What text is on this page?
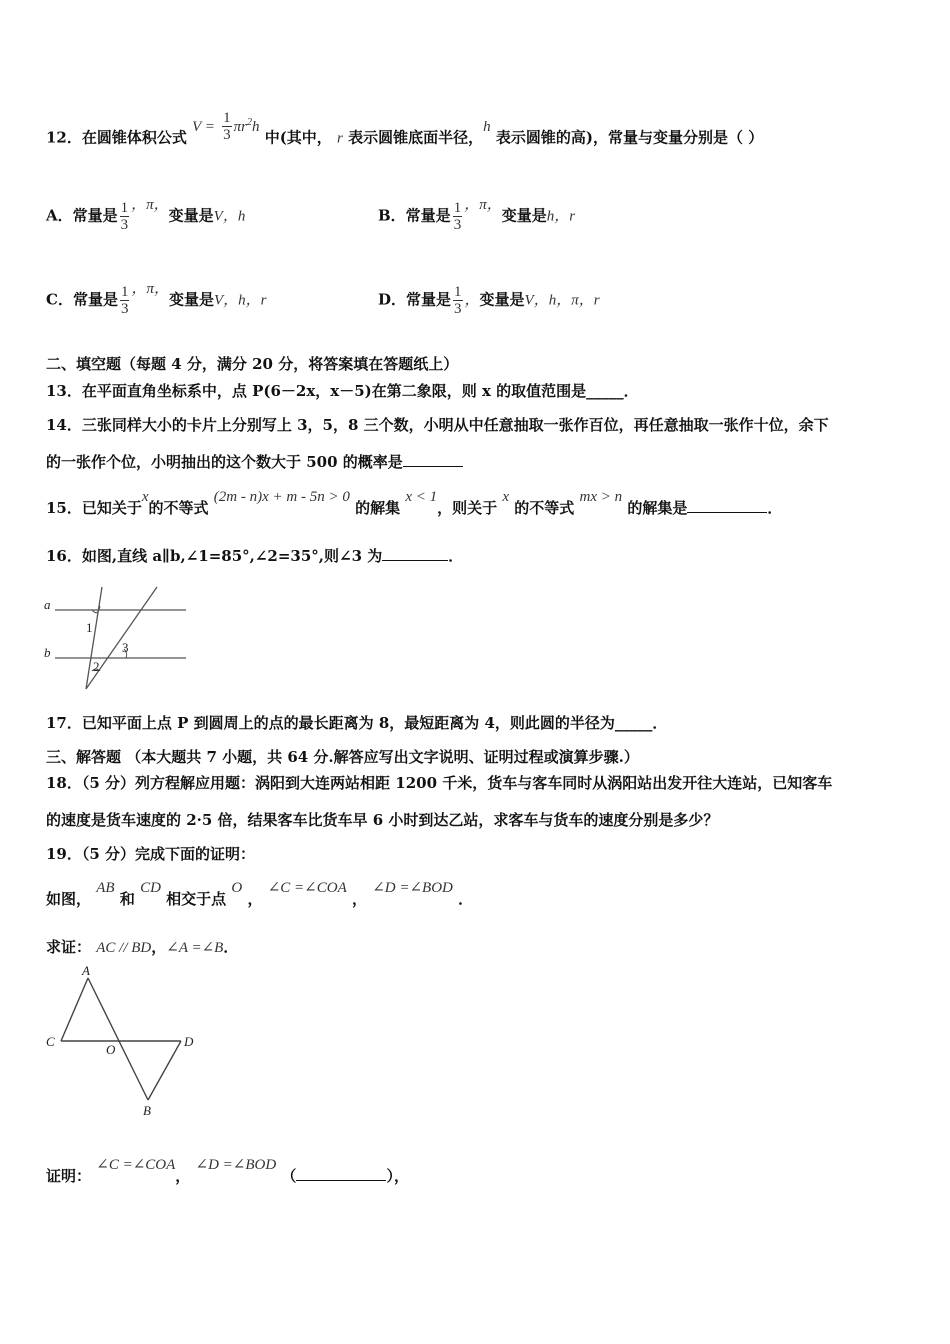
12．在圆锥体积公式 $V = \frac{1}{3} \pi r^2h$ 中(其中， r 表示圆锥底面半径，h 表示圆锥的高)，常量与变量分别是（ ）
A．常量是 $\frac{1}{3}$ ，π，变量是V，h	B．常量是 $\frac{1}{3}$ ，π，变量是h，r
C．常量是 $\frac{1}{3}$ ，π，变量是V，h，r	D．常量是 $\frac{1}{3}$ ，变量是V，h，π，r
二、填空题（每题 4 分，满分 20 分，将答案填在答题纸上）
13．在平面直角坐标系中，点 P(6－2x，x－5)在第二象限，则 x 的取值范围是_____．
14．三张同样大小的卡片上分别写上 3，5，8 三个数，小明从中任意抽取一张作百位，再任意抽取一张作十位，余下
的一张作个位，小明抽出的这个数大于 500 的概率是
15．已知关于x的不等式 (2m - n)x + m - 5n > 0 的解集 x < 1，则关于 x 的不等式 mx > n 的解集是	．
16．如图,直线 a∥b,∠1=85°,∠2=35°,则∠3 为	．
a
b
1
2
3
17．已知平面上点 P 到圆周上的点的最长距离为 8，最短距离为 4，则此圆的半径为_____．
三、解答题 （本大题共 7 小题，共 64 分.解答应写出文字说明、证明过程或演算步骤.）
18．（5 分）列方程解应用题：涡阳到大连两站相距 1200 千米，货车与客车同时从涡阳站出发开往大连站，已知客车
的速度是货车速度的 2·5 倍，结果客车比货车早 6 小时到达乙站，求客车与货车的速度分别是多少？
19．（5 分）完成下面的证明：
如图， AB 和 CD 相交于点 O ， ∠C =∠COA ， ∠D =∠BOD ．
求证： AC // BD，∠A =∠B．
A
C
O
D
B
证明： ∠C =∠COA， ∠D =∠BOD （	），
